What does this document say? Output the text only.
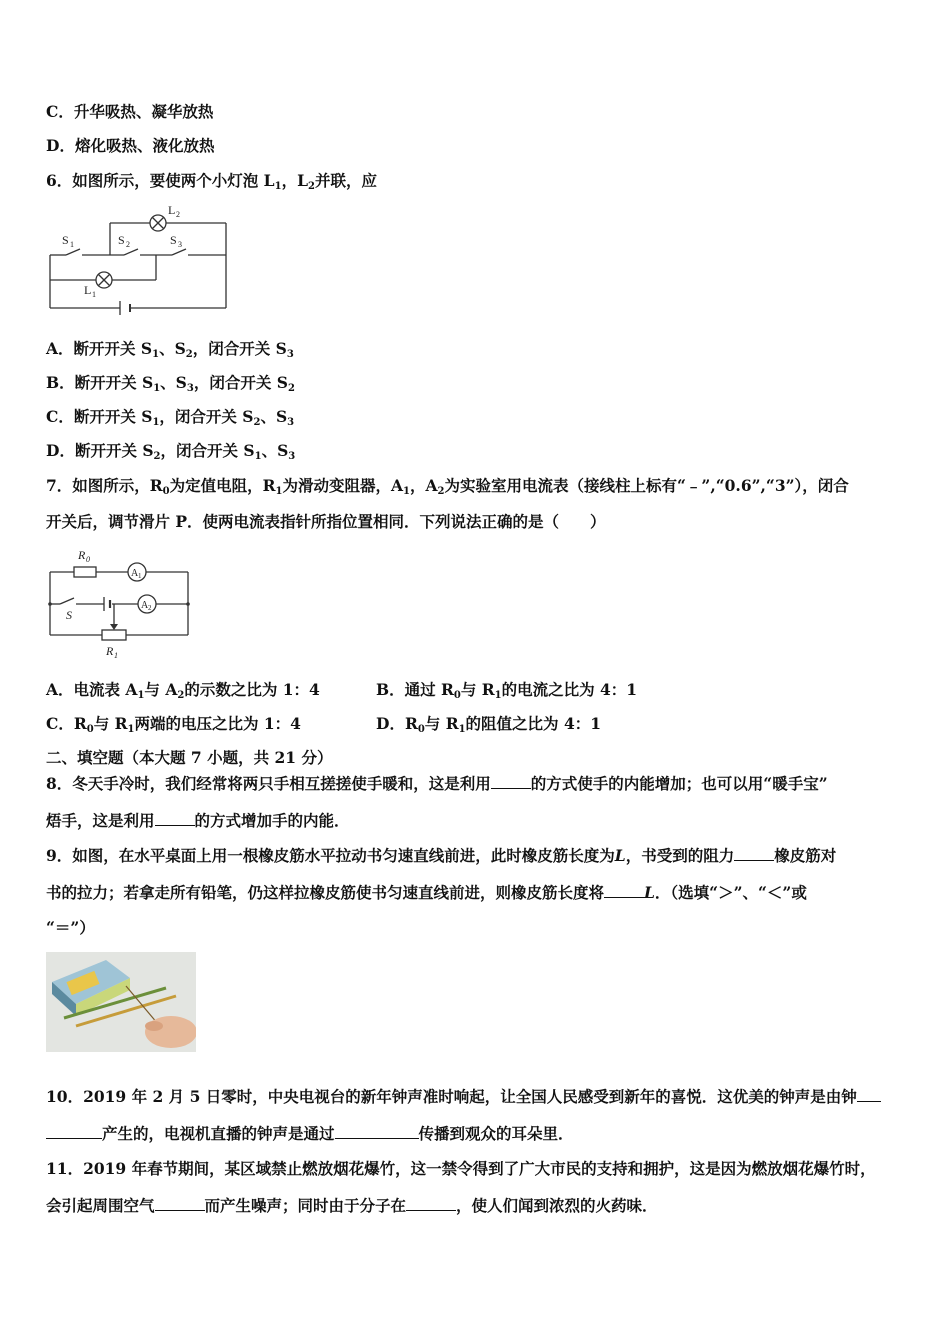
C．升华吸热、凝华放热
D．熔化吸热、液化放热
6．如图所示，要使两个小灯泡 $L_1$，$L_2$并联，应
S 1	S 2	S 3
L 2
L 1
A．断开开关 $S_1$、$S_2$，闭合开关 $S_3$
B．断开开关 $S_1$、$S_3$，闭合开关 $S_2$
C．断开开关 $S_1$，闭合开关 $S_2$、$S_3$
D．断开开关 $S_2$，闭合开关 $S_1$、$S_3$
7．如图所示，$R_0$为定值电阻，$R_1$为滑动变阻器，$A_1$，$A_2$为实验室用电流表（接线柱上标有“﹣”,“0.6”,“3”），闭合
开关后，调节滑片 P．使两电流表指针所指位置相同．下列说法正确的是（　　）
R 0
S
R 1
A 1
A 2
A．电流表 $A_1$与 $A_2$的示数之比为 1：4	B．通过 $R_0$与 $R_1$的电流之比为 4：1
C．$R_0$与 $R_1$两端的电压之比为 1：4	D．$R_0$与 $R_1$的阻值之比为 4：1
二、填空题（本大题 7 小题，共 21 分）
8．冬天手冷时，我们经常将两只手相互搓搓使手暖和，这是利用	的方式使手的内能增加；也可以用“暖手宝”
焐手，这是利用	的方式增加手的内能．
9．如图，在水平桌面上用一根橡皮筋水平拉动书匀速直线前进，此时橡皮筋长度为L，书受到的阻力	橡皮筋对
书的拉力；若拿走所有铅笔，仍这样拉橡皮筋使书匀速直线前进，则橡皮筋长度将	L．（选填“＞”、“＜”或
“＝”）
10．2019 年 2 月 5 日零时，中央电视台的新年钟声准时响起，让全国人民感受到新年的喜悦．这优美的钟声是由钟
产生的，电视机直播的钟声是通过	传播到观众的耳朵里．
11．2019 年春节期间，某区域禁止燃放烟花爆竹，这一禁令得到了广大市民的支持和拥护，这是因为燃放烟花爆竹时，
会引起周围空气	而产生噪声；同时由于分子在	，使人们闻到浓烈的火药味．
